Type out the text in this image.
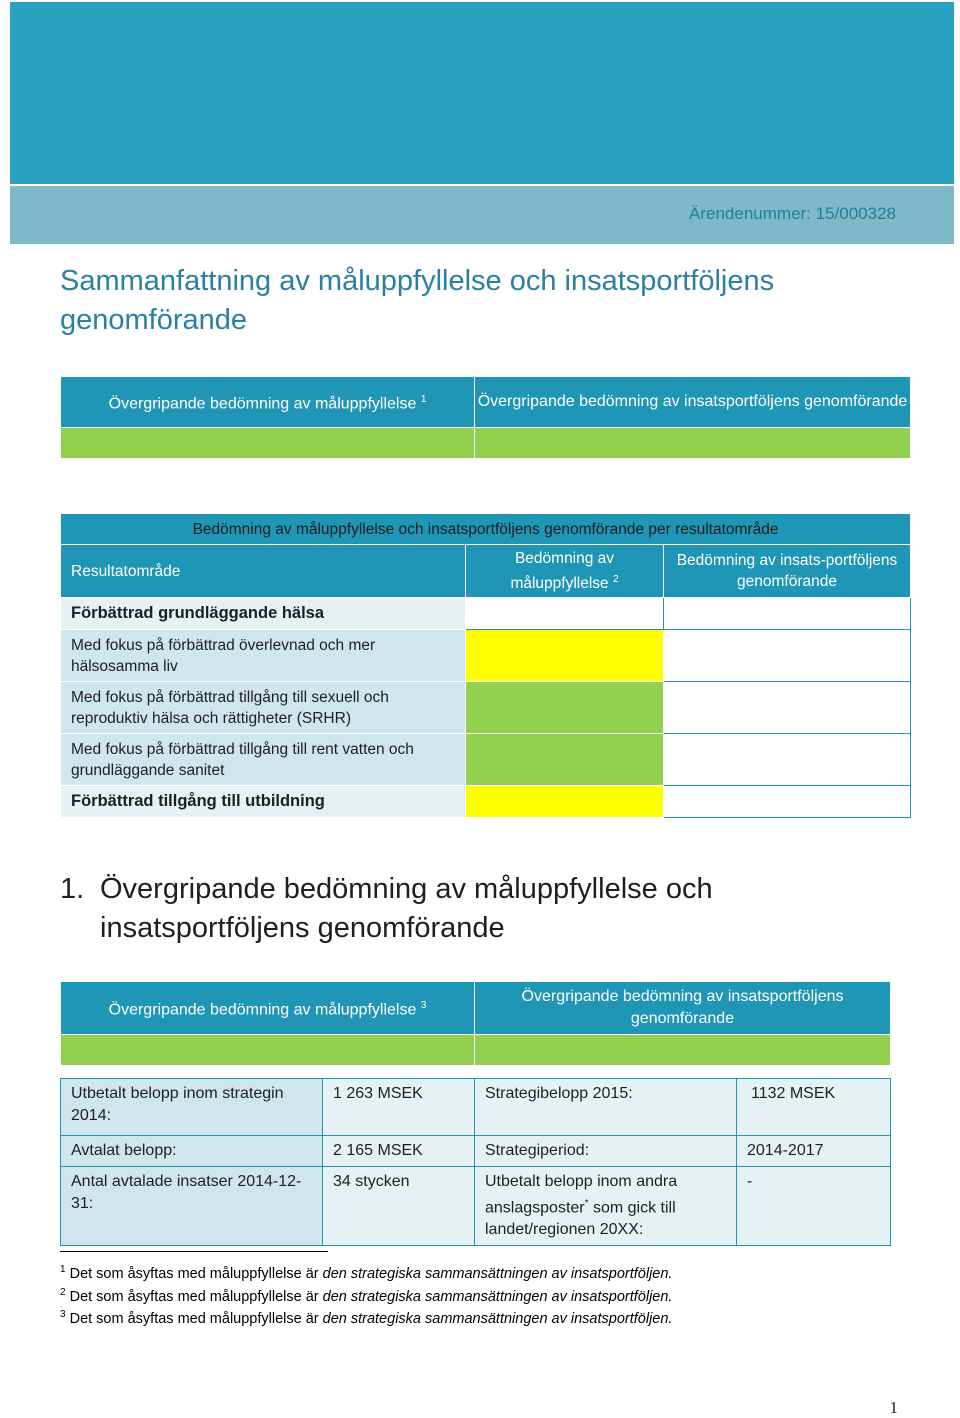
Ärendenummer: 15/000328
Sammanfattning av måluppfyllelse och insatsportföljens genomförande
Övergripande bedömning av måluppfyllelse $^1$	Övergripande bedömning av insatsportföljens genomförande

Bedömning av måluppfyllelse och insatsportföljens genomförande per resultatområde		
Resultatområde	Bedömning av måluppfyllelse $^2$	Bedömning av insats-portföljens genomförande
Förbättrad grundläggande hälsa		
Med fokus på förbättrad överlevnad och mer hälsosamma liv		
Med fokus på förbättrad tillgång till sexuell och reproduktiv hälsa och rättigheter (SRHR)		
Med fokus på förbättrad tillgång till rent vatten och grundläggande sanitet		
Förbättrad tillgång till utbildning		
1. Övergripande bedömning av måluppfyllelse och
insatsportföljens genomförande
Övergripande bedömning av måluppfyllelse $^3$	Övergripande bedömning av insatsportföljens genomförande

Utbetalt belopp inom strategin 2014:	1 263 MSEK	Strategibelopp 2015:	1132 MSEK
Avtalat belopp:	2 165 MSEK	Strategiperiod:	2014-2017
Antal avtalade insatser 2014-12-31:	34 stycken	Utbetalt belopp inom andra anslagsposter* som gick till landet/regionen 20XX:	-
$^1$ Det som åsyftas med måluppfyllelse är den strategiska sammansättningen av insatsportföljen.
$^2$ Det som åsyftas med måluppfyllelse är den strategiska sammansättningen av insatsportföljen.
$^3$ Det som åsyftas med måluppfyllelse är den strategiska sammansättningen av insatsportföljen.
1
